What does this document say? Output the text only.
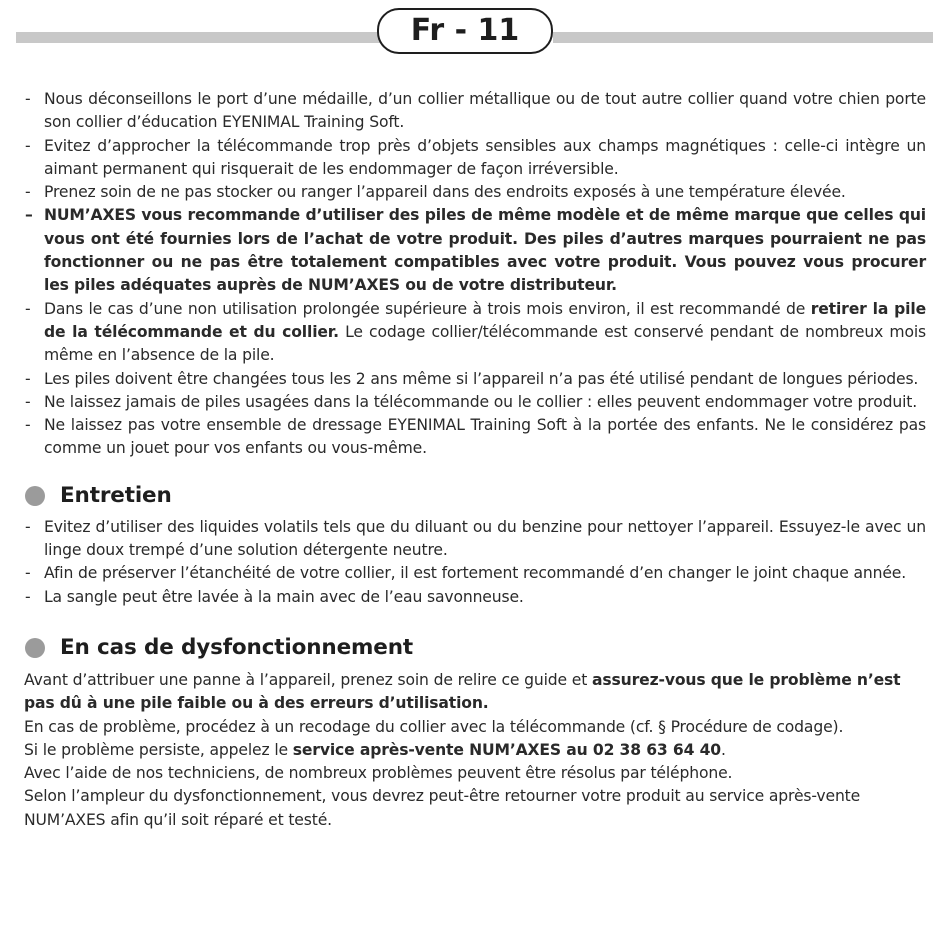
Fr - 11
- Nous déconseillons le port d’une médaille, d’un collier métallique ou de tout autre collier quand votre chien porte son collier d’éducation EYENIMAL Training Soft.
- Evitez d’approcher la télécommande trop près d’objets sensibles aux champs magnétiques : celle-ci intègre un aimant permanent qui risquerait de les endommager de façon irréversible.
- Prenez soin de ne pas stocker ou ranger l’appareil dans des endroits exposés à une température élevée.
– NUM’AXES vous recommande d’utiliser des piles de même modèle et de même marque que celles qui vous ont été fournies lors de l’achat de votre produit. Des piles d’autres marques pourraient ne pas fonctionner ou ne pas être totalement compatibles avec votre produit. Vous pouvez vous procurer les piles adéquates auprès de NUM’AXES ou de votre distributeur.
- Dans le cas d’une non utilisation prolongée supérieure à trois mois environ, il est recommandé de retirer la pile de la télécommande et du collier. Le codage collier/télécommande est conservé pendant de nombreux mois même en l’absence de la pile.
- Les piles doivent être changées tous les 2 ans même si l’appareil n’a pas été utilisé pendant de longues périodes.
- Ne laissez jamais de piles usagées dans la télécommande ou le collier : elles peuvent endommager votre produit.
- Ne laissez pas votre ensemble de dressage EYENIMAL Training Soft à la portée des enfants. Ne le considérez pas comme un jouet pour vos enfants ou vous-même.
Entretien
- Evitez d’utiliser des liquides volatils tels que du diluant ou du benzine pour nettoyer l’appareil. Essuyez-le avec un linge doux trempé d’une solution détergente neutre.
- Afin de préserver l’étanchéité de votre collier, il est fortement recommandé d’en changer le joint chaque année.
- La sangle peut être lavée à la main avec de l’eau savonneuse.
En cas de dysfonctionnement

Avant d’attribuer une panne à l’appareil, prenez soin de relire ce guide et assurez-vous que le problème n’est pas dû à une pile faible ou à des erreurs d’utilisation.

En cas de problème, procédez à un recodage du collier avec la télécommande (cf. § Procédure de codage).

Si le problème persiste, appelez le service après-vente NUM’AXES au 02 38 63 64 40.

Avec l’aide de nos techniciens, de nombreux problèmes peuvent être résolus par téléphone.

Selon l’ampleur du dysfonctionnement, vous devrez peut-être retourner votre produit au service après-vente NUM’AXES afin qu’il soit réparé et testé.
